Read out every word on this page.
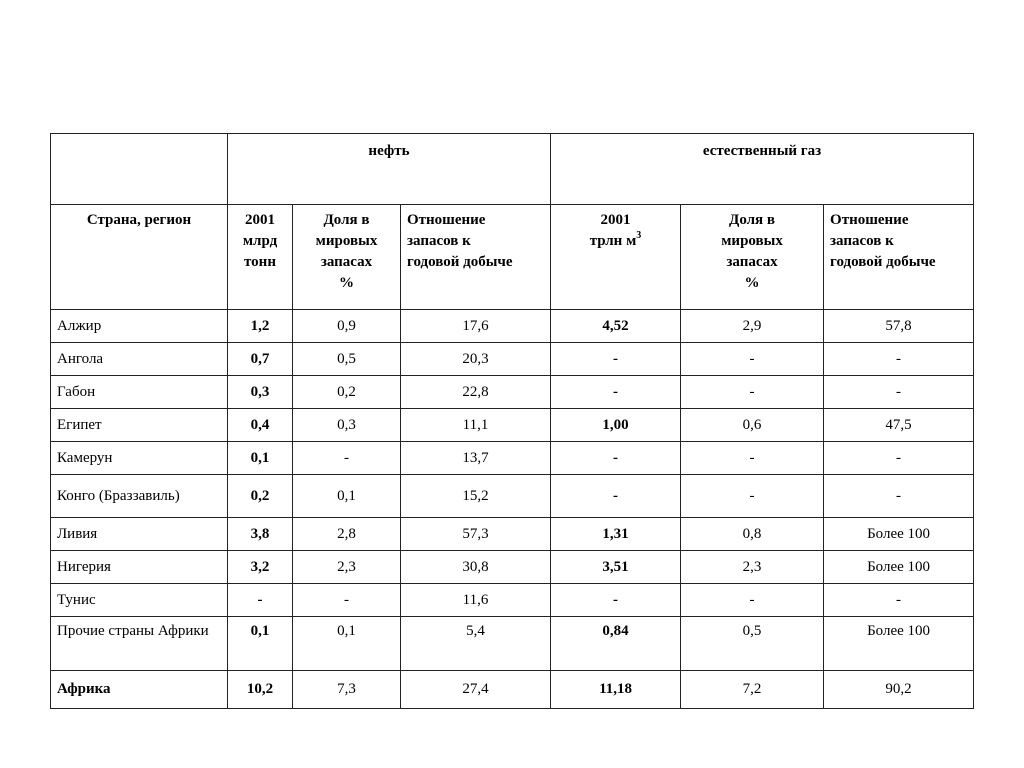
	нефть			естественный газ		
Страна, регион	2001
млрд
тонн	Доля в
мировых
запасах
%	Отношение
запасов к
годовой добыче	2001
трлн $м^3$	Доля в
мировых
запасах
%	Отношение
запасов к
годовой добыче

Алжир	1,2	0,9	17,6	4,52	2,9	57,8
Ангола	0,7	0,5	20,3	-	-	-
Габон	0,3	0,2	22,8	-	-	-
Египет	0,4	0,3	11,1	1,00	0,6	47,5
Камерун	0,1	-	13,7	-	-	-
Конго (Браззавиль)	0,2	0,1	15,2	-	-	-
Ливия	3,8	2,8	57,3	1,31	0,8	Более 100
Нигерия	3,2	2,3	30,8	3,51	2,3	Более 100
Тунис	-	-	11,6	-	-	-
Прочие страны Африки	0,1	0,1	5,4	0,84	0,5	Более 100
Африка	10,2	7,3	27,4	11,18	7,2	90,2
